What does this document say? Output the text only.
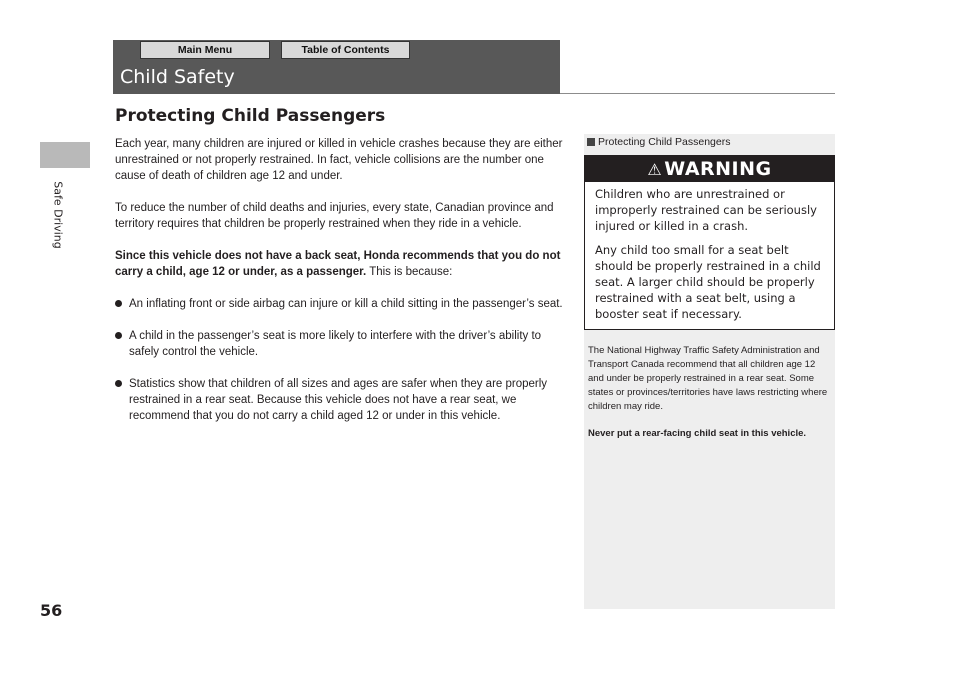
Safe Driving
56
Main Menu	Table of Contents
Child Safety
Protecting Child Passengers

Each year, many children are injured or killed in vehicle crashes because they are either unrestrained or not properly restrained. In fact, vehicle collisions are the number one cause of death of children age 12 and under.

To reduce the number of child deaths and injuries, every state, Canadian province and territory requires that children be properly restrained when they ride in a vehicle.

Since this vehicle does not have a back seat, Honda recommends that you do not carry a child, age 12 or under, as a passenger. This is because:

An inflating front or side airbag can injure or kill a child sitting in the passenger’s seat.
A child in the passenger’s seat is more likely to interfere with the driver’s ability to safely control the vehicle.
Statistics show that children of all sizes and ages are safer when they are properly restrained in a rear seat. Because this vehicle does not have a rear seat, we recommend that you do not carry a child aged 12 or under in this vehicle.
Protecting Child Passengers
⚠ WARNING

Children who are unrestrained or improperly restrained can be seriously injured or killed in a crash.

Any child too small for a seat belt should be properly restrained in a child seat. A larger child should be properly restrained with a seat belt, using a booster seat if necessary.

The National Highway Traffic Safety Administration and Transport Canada recommend that all children age 12 and under be properly restrained in a rear seat. Some states or provinces/territories have laws restricting where children may ride.

Never put a rear-facing child seat in this vehicle.
